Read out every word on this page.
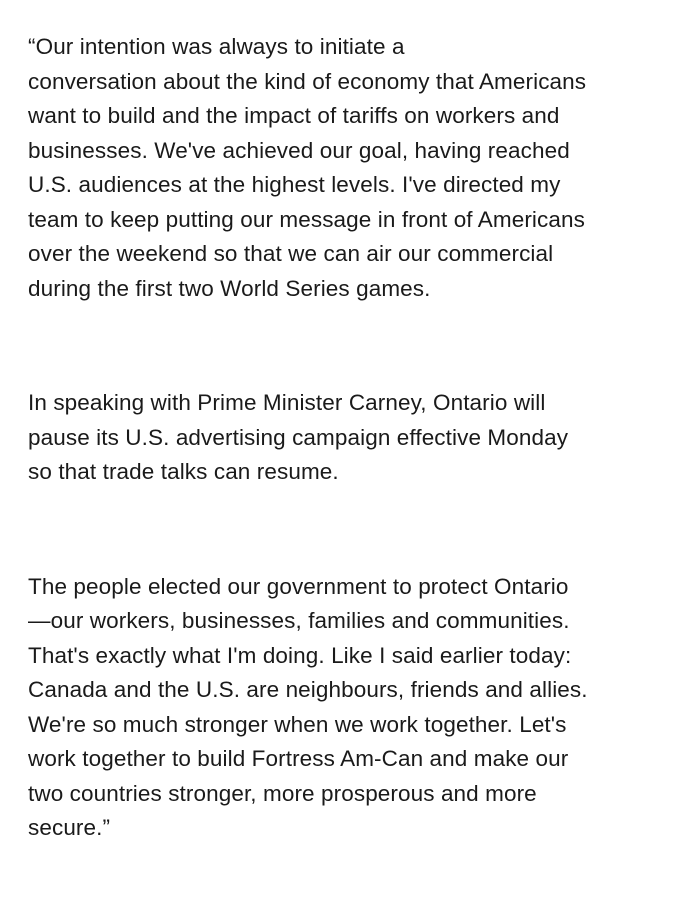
“Our intention was always to initiate a
conversation about the kind of economy that Americans
want to build and the impact of tariffs on workers and
businesses. We've achieved our goal, having reached
U.S. audiences at the highest levels. I've directed my
team to keep putting our message in front of Americans
over the weekend so that we can air our commercial
during the first two World Series games.

In speaking with Prime Minister Carney, Ontario will
pause its U.S. advertising campaign effective Monday
so that trade talks can resume.

The people elected our government to protect Ontario
—our workers, businesses, families and communities.
That's exactly what I'm doing. Like I said earlier today:
Canada and the U.S. are neighbours, friends and allies.
We're so much stronger when we work together. Let's
work together to build Fortress Am-Can and make our
two countries stronger, more prosperous and more
secure.”
